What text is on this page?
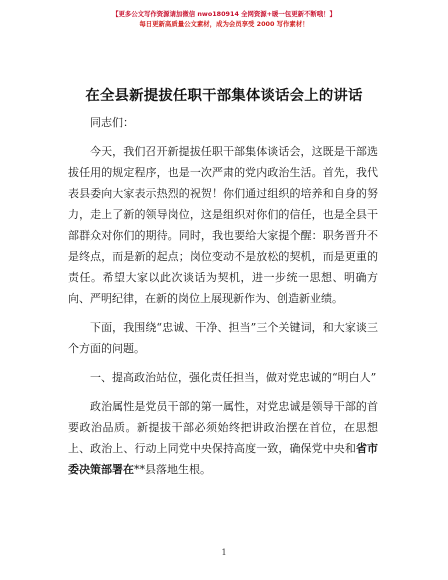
【更多公文写作资源请加微信 nwo180914 全网资源+暖一包更新不断哦！】
每日更新高质量公文素材，成为会员享受 2000 写作素材！
在全县新提拔任职干部集体谈话会上的讲话

同志们：

今天，我们召开新提拔任职干部集体谈话会，这既是干部选拔任用的规定程序，也是一次严肃的党内政治生活。首先，我代表县委向大家表示热烈的祝贺！你们通过组织的培养和自身的努力，走上了新的领导岗位，这是组织对你们的信任，也是全县干部群众对你们的期待。同时，我也要给大家提个醒：职务晋升不是终点，而是新的起点；岗位变动不是放松的契机，而是更重的责任。希望大家以此次谈话为契机，进一步统一思想、明确方向、严明纪律，在新的岗位上展现新作为、创造新业绩。

下面，我围绕“忠诚、干净、担当”三个关键词，和大家谈三个方面的问题。

一、提高政治站位，强化责任担当，做对党忠诚的“明白人”

政治属性是党员干部的第一属性，对党忠诚是领导干部的首要政治品质。新提拔干部必须始终把讲政治摆在首位，在思想上、政治上、行动上同党中央保持高度一致，确保党中央和省市委决策部署在**县落地生根。

1
